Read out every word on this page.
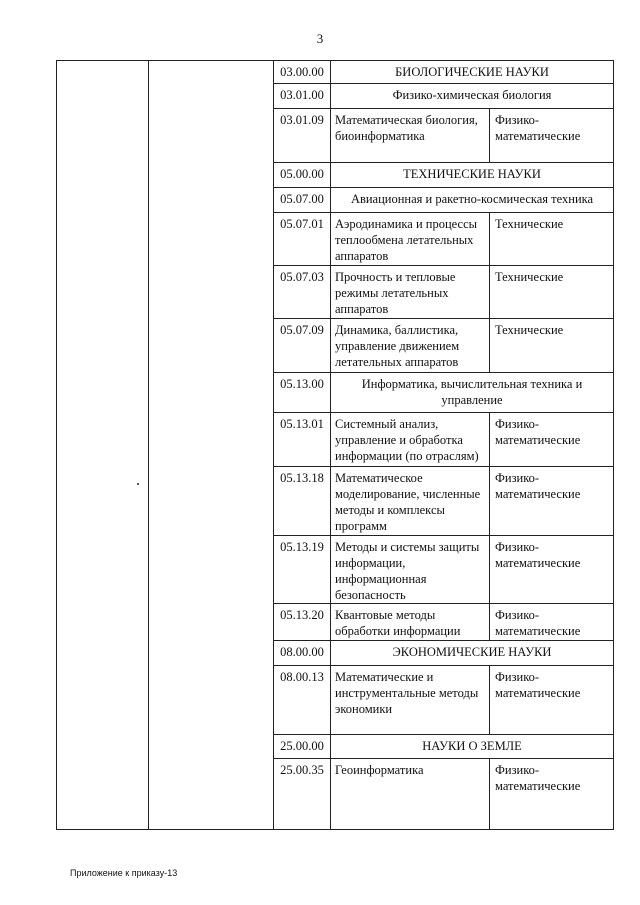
3
		03.00.00	БИОЛОГИЧЕСКИЕ НАУКИ	
		03.01.00	Физико-химическая биология	
		03.01.09	Математическая биология, биоинформатика	Физико-математические
		05.00.00	ТЕХНИЧЕСКИЕ НАУКИ	
		05.07.00	Авиационная и ракетно-космическая техника	
		05.07.01	Аэродинамика и процессы теплообмена летательных аппаратов	Технические
		05.07.03	Прочность и тепловые режимы летательных аппаратов	Технические
		05.07.09	Динамика, баллистика, управление движением летательных аппаратов	Технические
		05.13.00	Информатика, вычислительная техника и управление	
		05.13.01	Системный анализ, управление и обработка информации (по отраслям)	Физико-математические
		05.13.18	Математическое моделирование, численные методы и комплексы программ	Физико-математические
		05.13.19	Методы и системы защиты информации, информационная безопасность	Физико-математические
		05.13.20	Квантовые методы обработки информации	Физико-математические
		08.00.00	ЭКОНОМИЧЕСКИЕ НАУКИ	
		08.00.13	Математические и инструментальные методы экономики	Физико-математические
		25.00.00	НАУКИ О ЗЕМЛЕ	
		25.00.35	Геоинформатика	Физико-математические
Приложение к приказу-13
